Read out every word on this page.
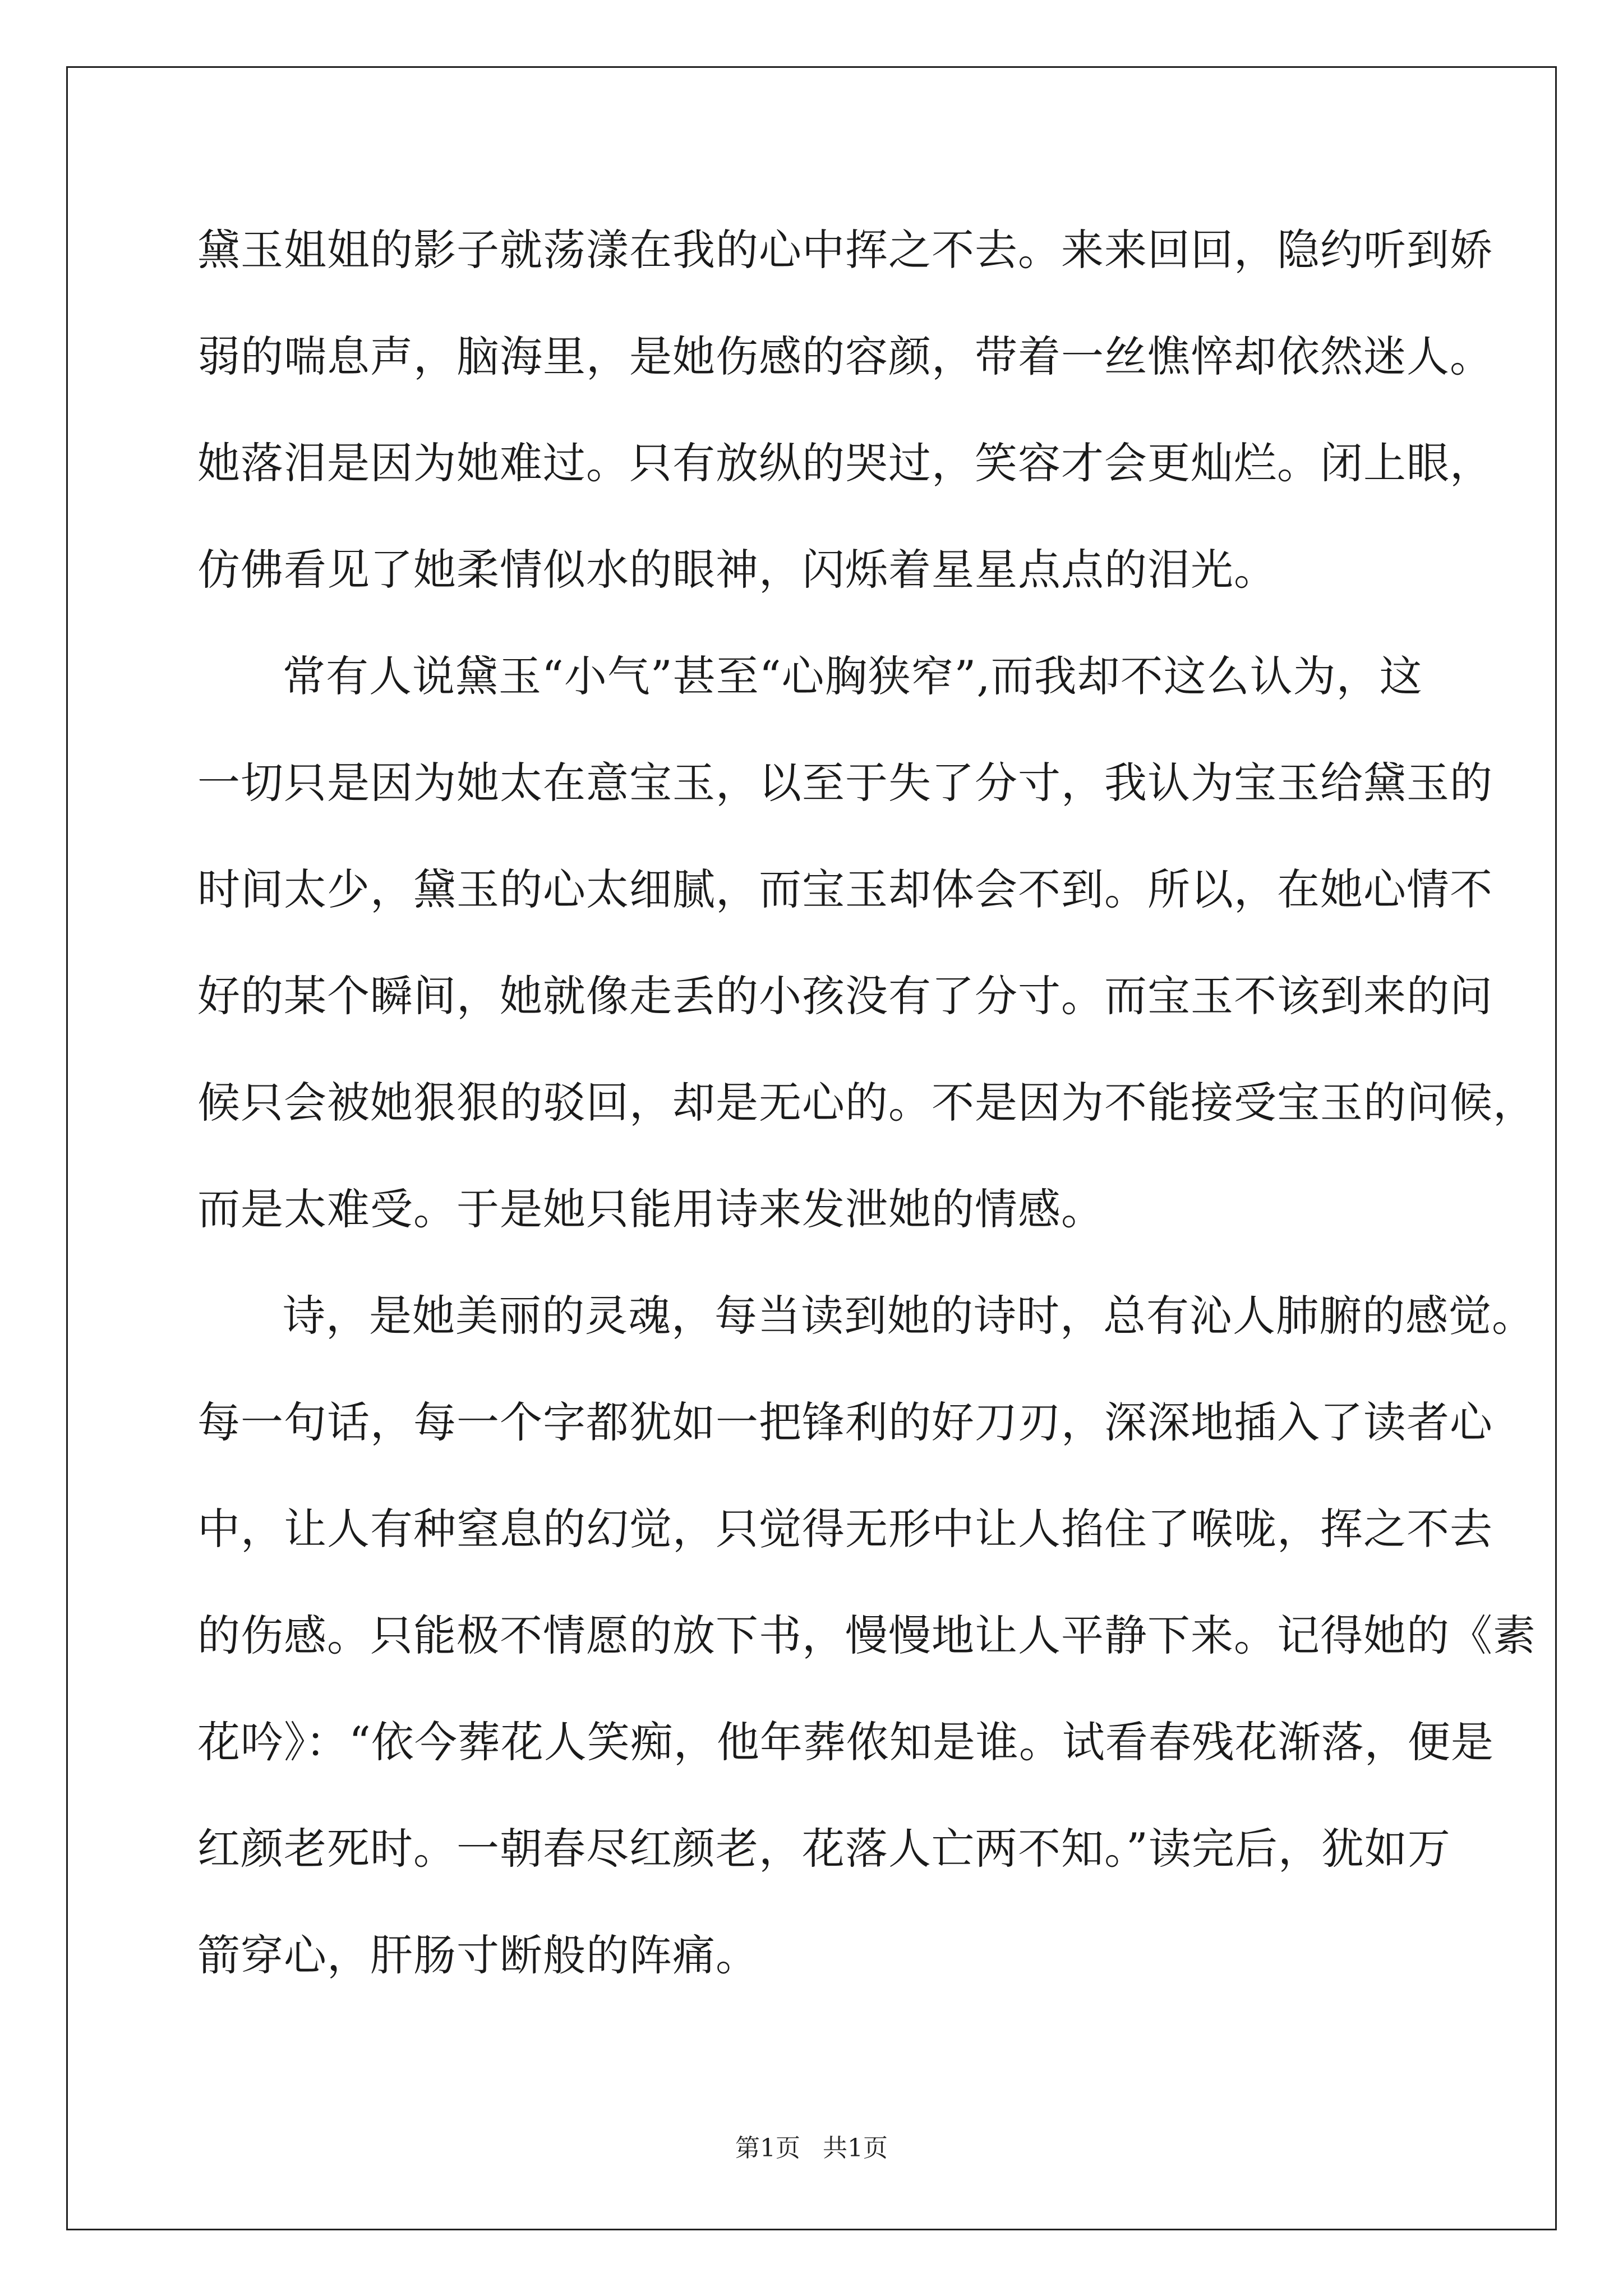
黛玉姐姐的影子就荡漾在我的心中挥之不去。来来回回，隐约听到娇
弱的喘息声，脑海里，是她伤感的容颜，带着一丝憔悴却依然迷人。
她落泪是因为她难过。只有放纵的哭过，笑容才会更灿烂。闭上眼，
仿佛看见了她柔情似水的眼神，闪烁着星星点点的泪光。
常有人说黛玉“小气”甚至“心胸狭窄”,而我却不这么认为，这
一切只是因为她太在意宝玉，以至于失了分寸，我认为宝玉给黛玉的
时间太少，黛玉的心太细腻，而宝玉却体会不到。所以，在她心情不
好的某个瞬间，她就像走丢的小孩没有了分寸。而宝玉不该到来的问
候只会被她狠狠的驳回，却是无心的。不是因为不能接受宝玉的问候，
而是太难受。于是她只能用诗来发泄她的情感。
诗，是她美丽的灵魂，每当读到她的诗时，总有沁人肺腑的感觉。
每一句话，每一个字都犹如一把锋利的好刀刃，深深地插入了读者心
中，让人有种窒息的幻觉，只觉得无形中让人掐住了喉咙，挥之不去
的伤感。只能极不情愿的放下书，慢慢地让人平静下来。记得她的《素
花吟》：“依今葬花人笑痴，他年葬侬知是谁。试看春残花渐落，便是
红颜老死时。一朝春尽红颜老，花落人亡两不知。”读完后，犹如万
箭穿心，肝肠寸断般的阵痛。
第1页 共1页
